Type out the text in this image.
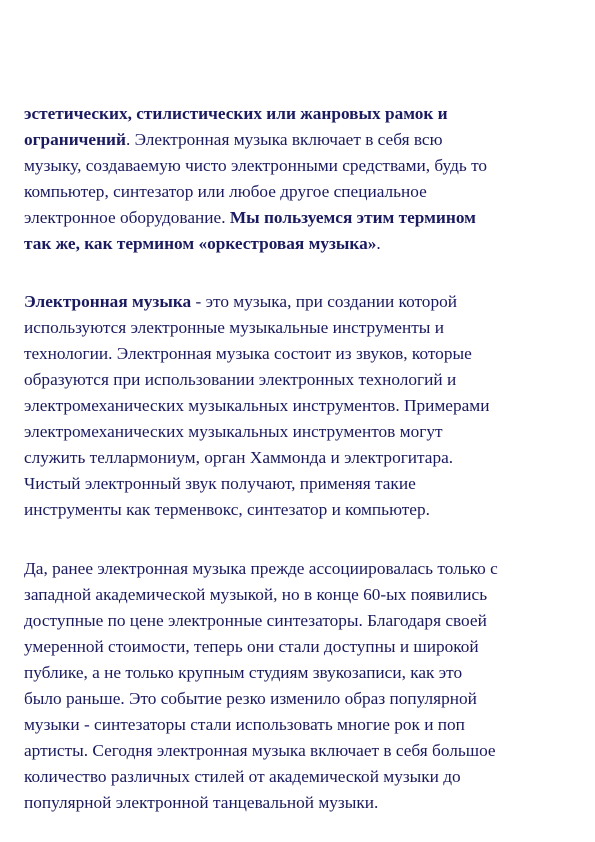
эстетических, стилистических или жанровых рамок и
ограничений. Электронная музыка включает в себя всю
музыку, создаваемую чисто электронными средствами, будь то
компьютер, синтезатор или любое другое специальное
электронное оборудование. Мы пользуемся этим термином
так же, как термином «оркестровая музыка».

Электронная музыка - это музыка, при создании которой
используются электронные музыкальные инструменты и
технологии. Электронная музыка состоит из звуков, которые
образуются при использовании электронных технологий и
электромеханических музыкальных инструментов. Примерами
электромеханических музыкальных инструментов могут
служить теллармониум, орган Хаммонда и электрогитара.
Чистый электронный звук получают, применяя такие
инструменты как терменвокс, синтезатор и компьютер.

Да, ранее электронная музыка прежде ассоциировалась только с
западной академической музыкой, но в конце 60-ых появились
доступные по цене электронные синтезаторы. Благодаря своей
умеренной стоимости, теперь они стали доступны и широкой
публике, а не только крупным студиям звукозаписи, как это
было раньше. Это событие резко изменило образ популярной
музыки - синтезаторы стали использовать многие рок и поп
артисты. Сегодня электронная музыка включает в себя большое
количество различных стилей от академической музыки до
популярной электронной танцевальной музыки.
